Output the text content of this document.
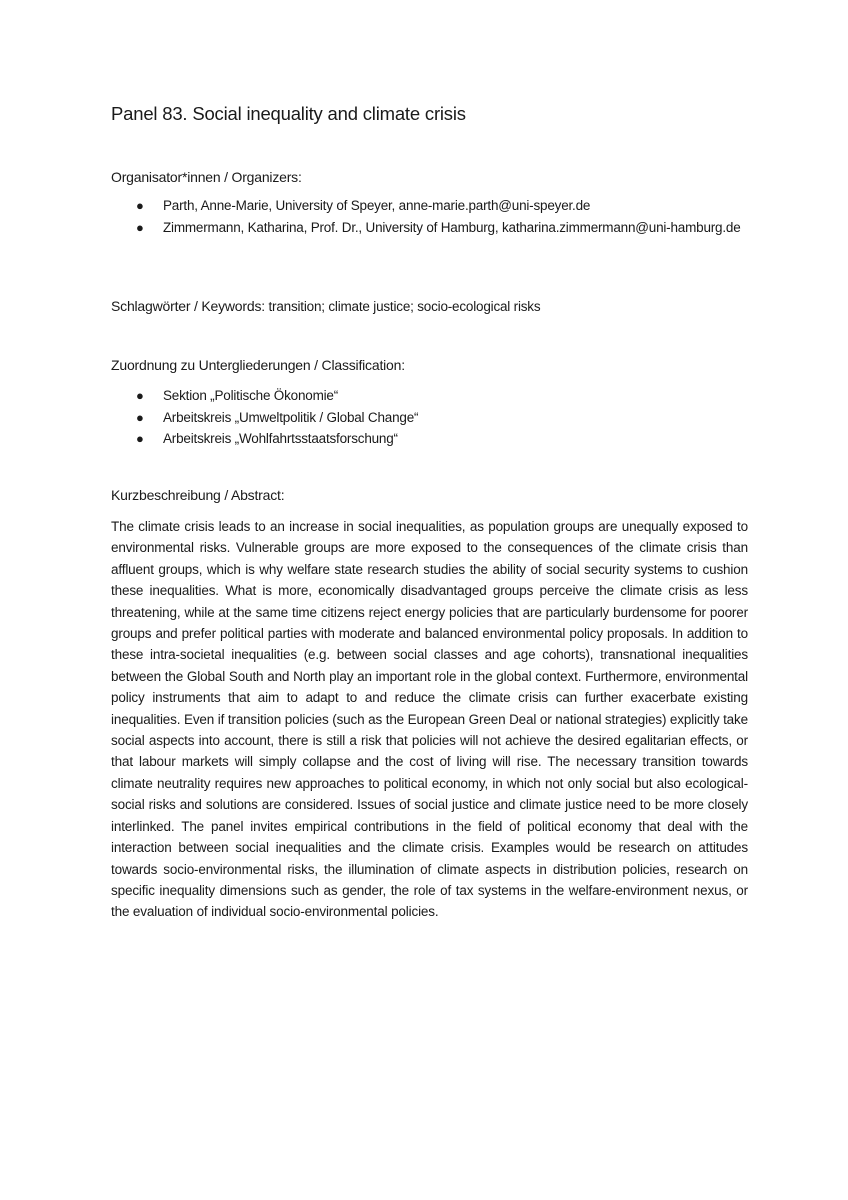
Panel 83. Social inequality and climate crisis
Organisator*innen / Organizers:
● Parth, Anne-Marie, University of Speyer, anne-marie.parth@uni-speyer.de
● Zimmermann, Katharina, Prof. Dr., University of Hamburg, katharina.zimmermann@uni-hamburg.de

Schlagwörter / Keywords: transition; climate justice; socio-ecological risks

Zuordnung zu Untergliederungen / Classification:
● Sektion „Politische Ökonomie“
● Arbeitskreis „Umweltpolitik / Global Change“
● Arbeitskreis „Wohlfahrtsstaatsforschung“
Kurzbeschreibung / Abstract:

The climate crisis leads to an increase in social inequalities, as population groups are unequally exposed to environmental risks. Vulnerable groups are more exposed to the consequences of the climate crisis than affluent groups, which is why welfare state research studies the ability of social security systems to cushion these inequalities. What is more, economically disadvantaged groups perceive the climate crisis as less threatening, while at the same time citizens reject energy policies that are particularly burdensome for poorer groups and prefer political parties with moderate and balanced environmental policy proposals. In addition to these intra-societal inequalities (e.g. between social classes and age cohorts), transnational inequalities between the Global South and North play an important role in the global context. Furthermore, environmental policy instruments that aim to adapt to and reduce the climate crisis can further exacerbate existing inequalities. Even if transition policies (such as the European Green Deal or national strategies) explicitly take social aspects into account, there is still a risk that policies will not achieve the desired egalitarian effects, or that labour markets will simply collapse and the cost of living will rise. The necessary transition towards climate neutrality requires new approaches to political economy, in which not only social but also ecological-social risks and solutions are considered. Issues of social justice and climate justice need to be more closely interlinked. The panel invites empirical contributions in the field of political economy that deal with the interaction between social inequalities and the climate crisis. Examples would be research on attitudes towards socio-environmental risks, the illumination of climate aspects in distribution policies, research on specific inequality dimensions such as gender, the role of tax systems in the welfare-environment nexus, or the evaluation of individual socio-environmental policies.
